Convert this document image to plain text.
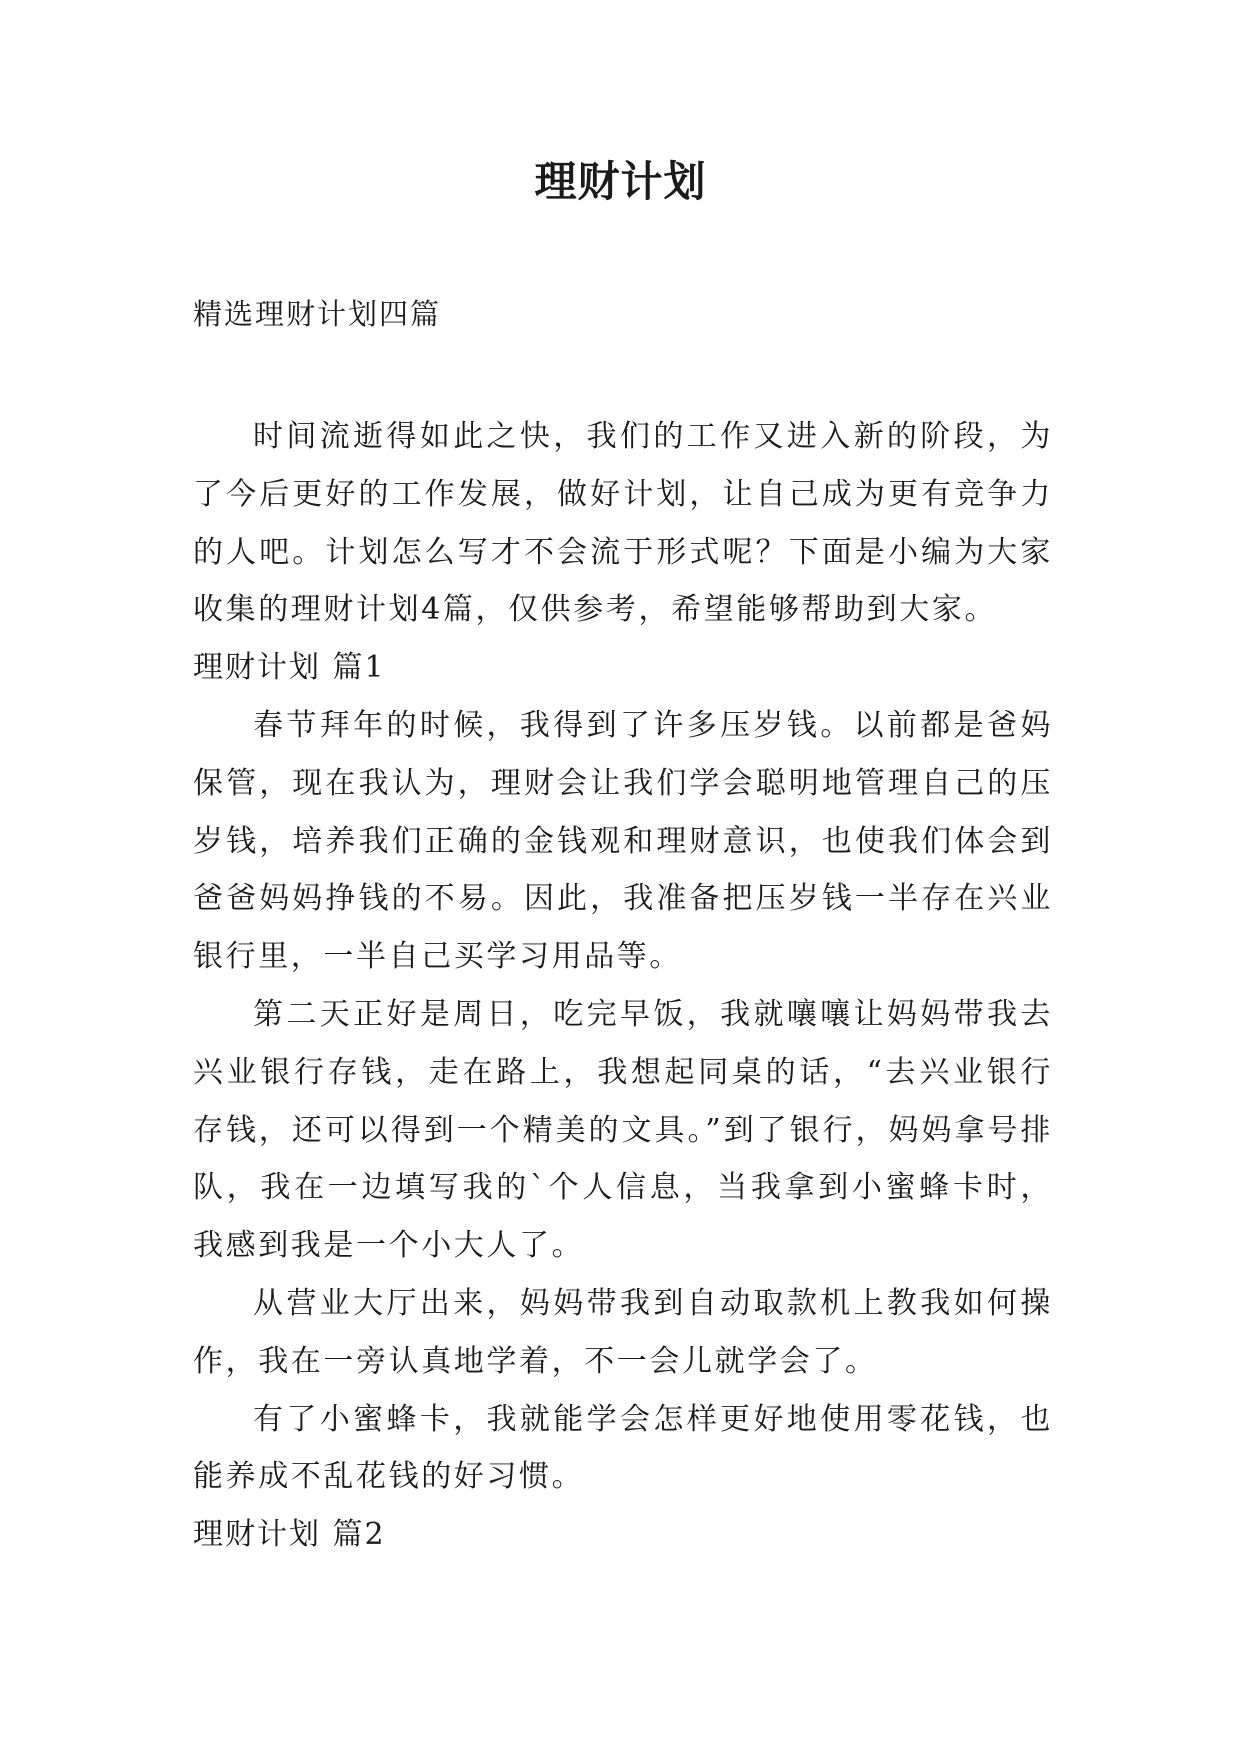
理财计划
精选理财计划四篇

时间流逝得如此之快，我们的工作又进入新的阶段，为了今后更好的工作发展，做好计划，让自己成为更有竞争力的人吧。计划怎么写才不会流于形式呢？下面是小编为大家收集的理财计划4篇，仅供参考，希望能够帮助到大家。

理财计划 篇1

春节拜年的时候，我得到了许多压岁钱。以前都是爸妈保管，现在我认为，理财会让我们学会聪明地管理自己的压岁钱，培养我们正确的金钱观和理财意识，也使我们体会到爸爸妈妈挣钱的不易。因此，我准备把压岁钱一半存在兴业银行里，一半自己买学习用品等。

第二天正好是周日，吃完早饭，我就嚷嚷让妈妈带我去兴业银行存钱，走在路上，我想起同桌的话，“去兴业银行存钱，还可以得到一个精美的文具。”到了银行，妈妈拿号排队，我在一边填写我的`个人信息，当我拿到小蜜蜂卡时，我感到我是一个小大人了。

从营业大厅出来，妈妈带我到自动取款机上教我如何操作，我在一旁认真地学着，不一会儿就学会了。

有了小蜜蜂卡，我就能学会怎样更好地使用零花钱，也能养成不乱花钱的好习惯。

理财计划 篇2
